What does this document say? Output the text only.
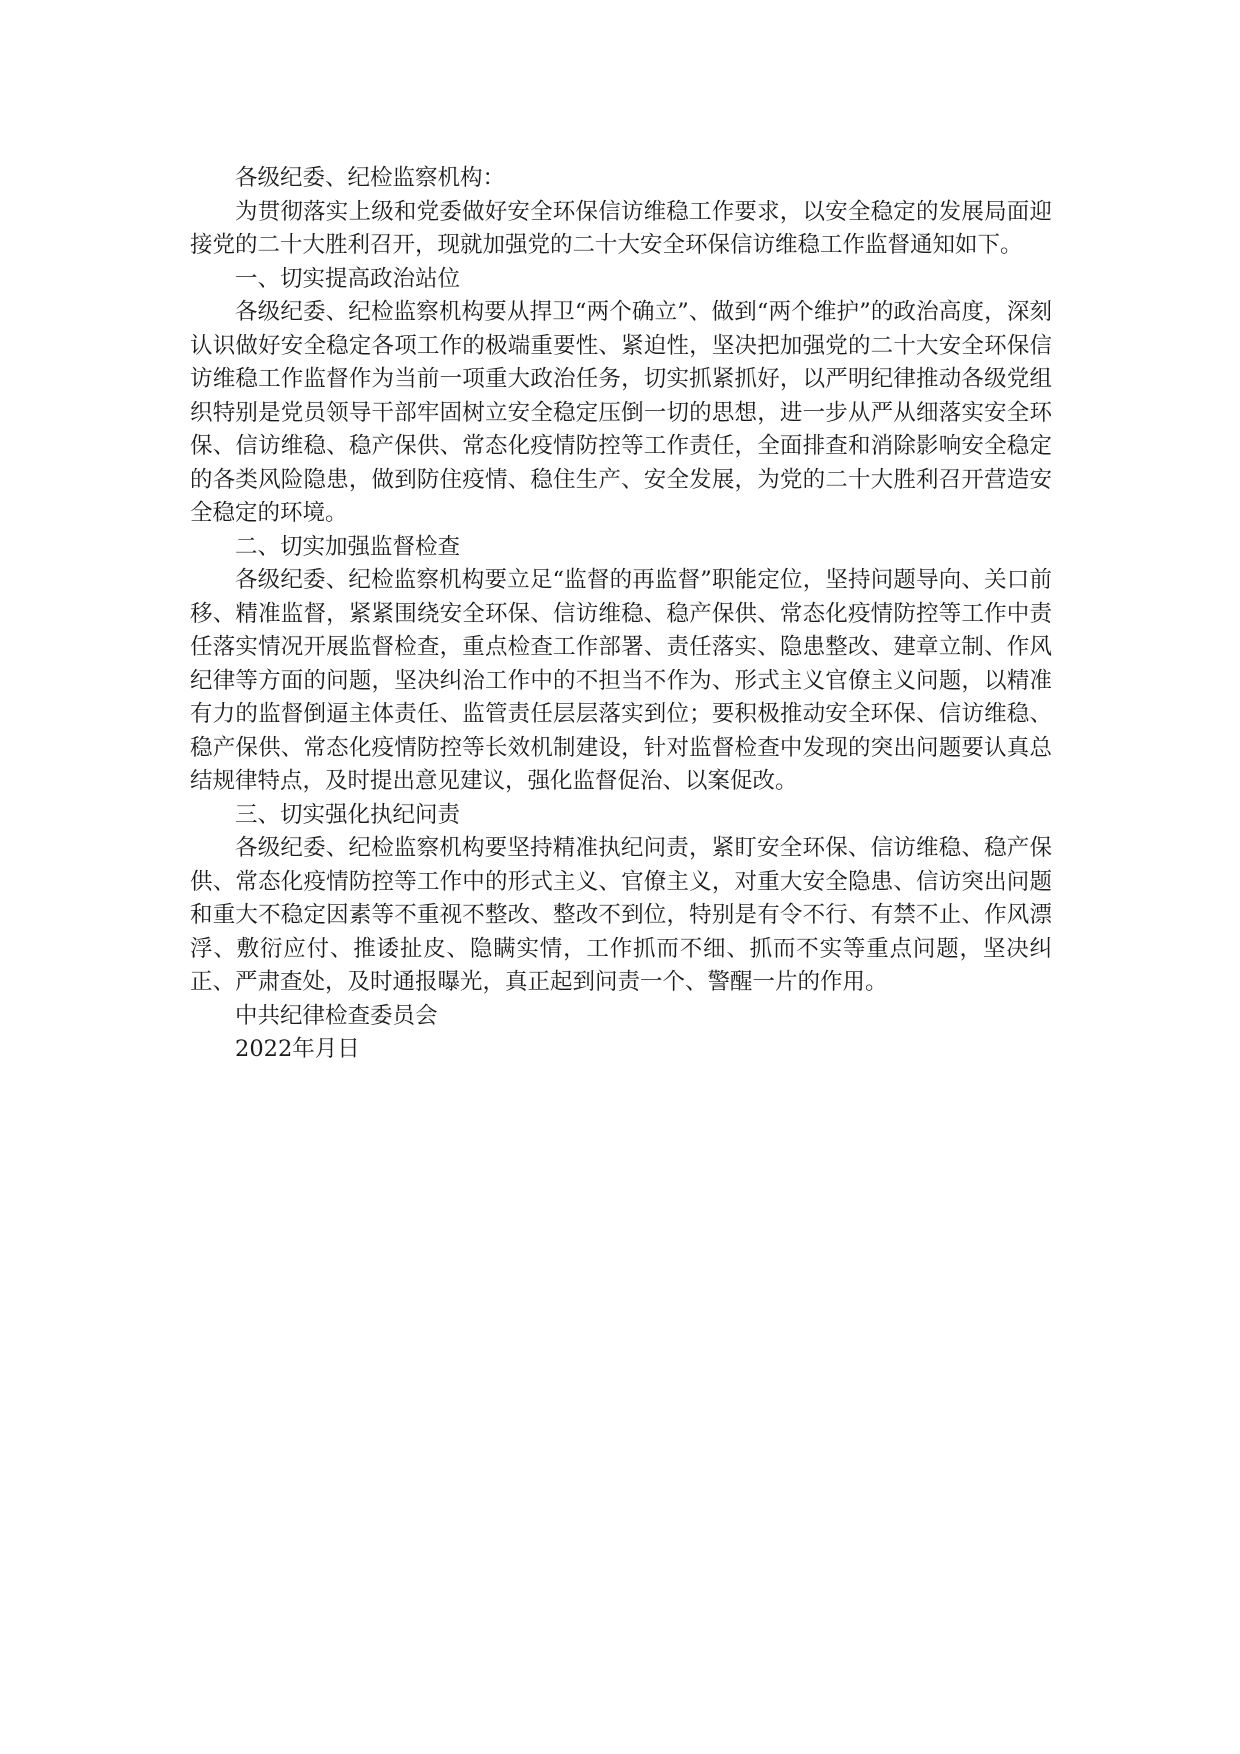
各级纪委、纪检监察机构：

为贯彻落实上级和党委做好安全环保信访维稳工作要求，以安全稳定的发展局面迎接党的二十大胜利召开，现就加强党的二十大安全环保信访维稳工作监督通知如下。

一、切实提高政治站位

各级纪委、纪检监察机构要从捍卫“两个确立”、做到“两个维护”的政治高度，深刻认识做好安全稳定各项工作的极端重要性、紧迫性，坚决把加强党的二十大安全环保信访维稳工作监督作为当前一项重大政治任务，切实抓紧抓好，以严明纪律推动各级党组织特别是党员领导干部牢固树立安全稳定压倒一切的思想，进一步从严从细落实安全环保、信访维稳、稳产保供、常态化疫情防控等工作责任，全面排查和消除影响安全稳定的各类风险隐患，做到防住疫情、稳住生产、安全发展，为党的二十大胜利召开营造安全稳定的环境。

二、切实加强监督检查

各级纪委、纪检监察机构要立足“监督的再监督”职能定位，坚持问题导向、关口前移、精准监督，紧紧围绕安全环保、信访维稳、稳产保供、常态化疫情防控等工作中责任落实情况开展监督检查，重点检查工作部署、责任落实、隐患整改、建章立制、作风纪律等方面的问题，坚决纠治工作中的不担当不作为、形式主义官僚主义问题，以精准有力的监督倒逼主体责任、监管责任层层落实到位；要积极推动安全环保、信访维稳、稳产保供、常态化疫情防控等长效机制建设，针对监督检查中发现的突出问题要认真总结规律特点，及时提出意见建议，强化监督促治、以案促改。

三、切实强化执纪问责

各级纪委、纪检监察机构要坚持精准执纪问责，紧盯安全环保、信访维稳、稳产保供、常态化疫情防控等工作中的形式主义、官僚主义，对重大安全隐患、信访突出问题和重大不稳定因素等不重视不整改、整改不到位，特别是有令不行、有禁不止、作风漂浮、敷衍应付、推诿扯皮、隐瞒实情，工作抓而不细、抓而不实等重点问题，坚决纠正、严肃查处，及时通报曝光，真正起到问责一个、警醒一片的作用。

中共纪律检查委员会

2022年月日
